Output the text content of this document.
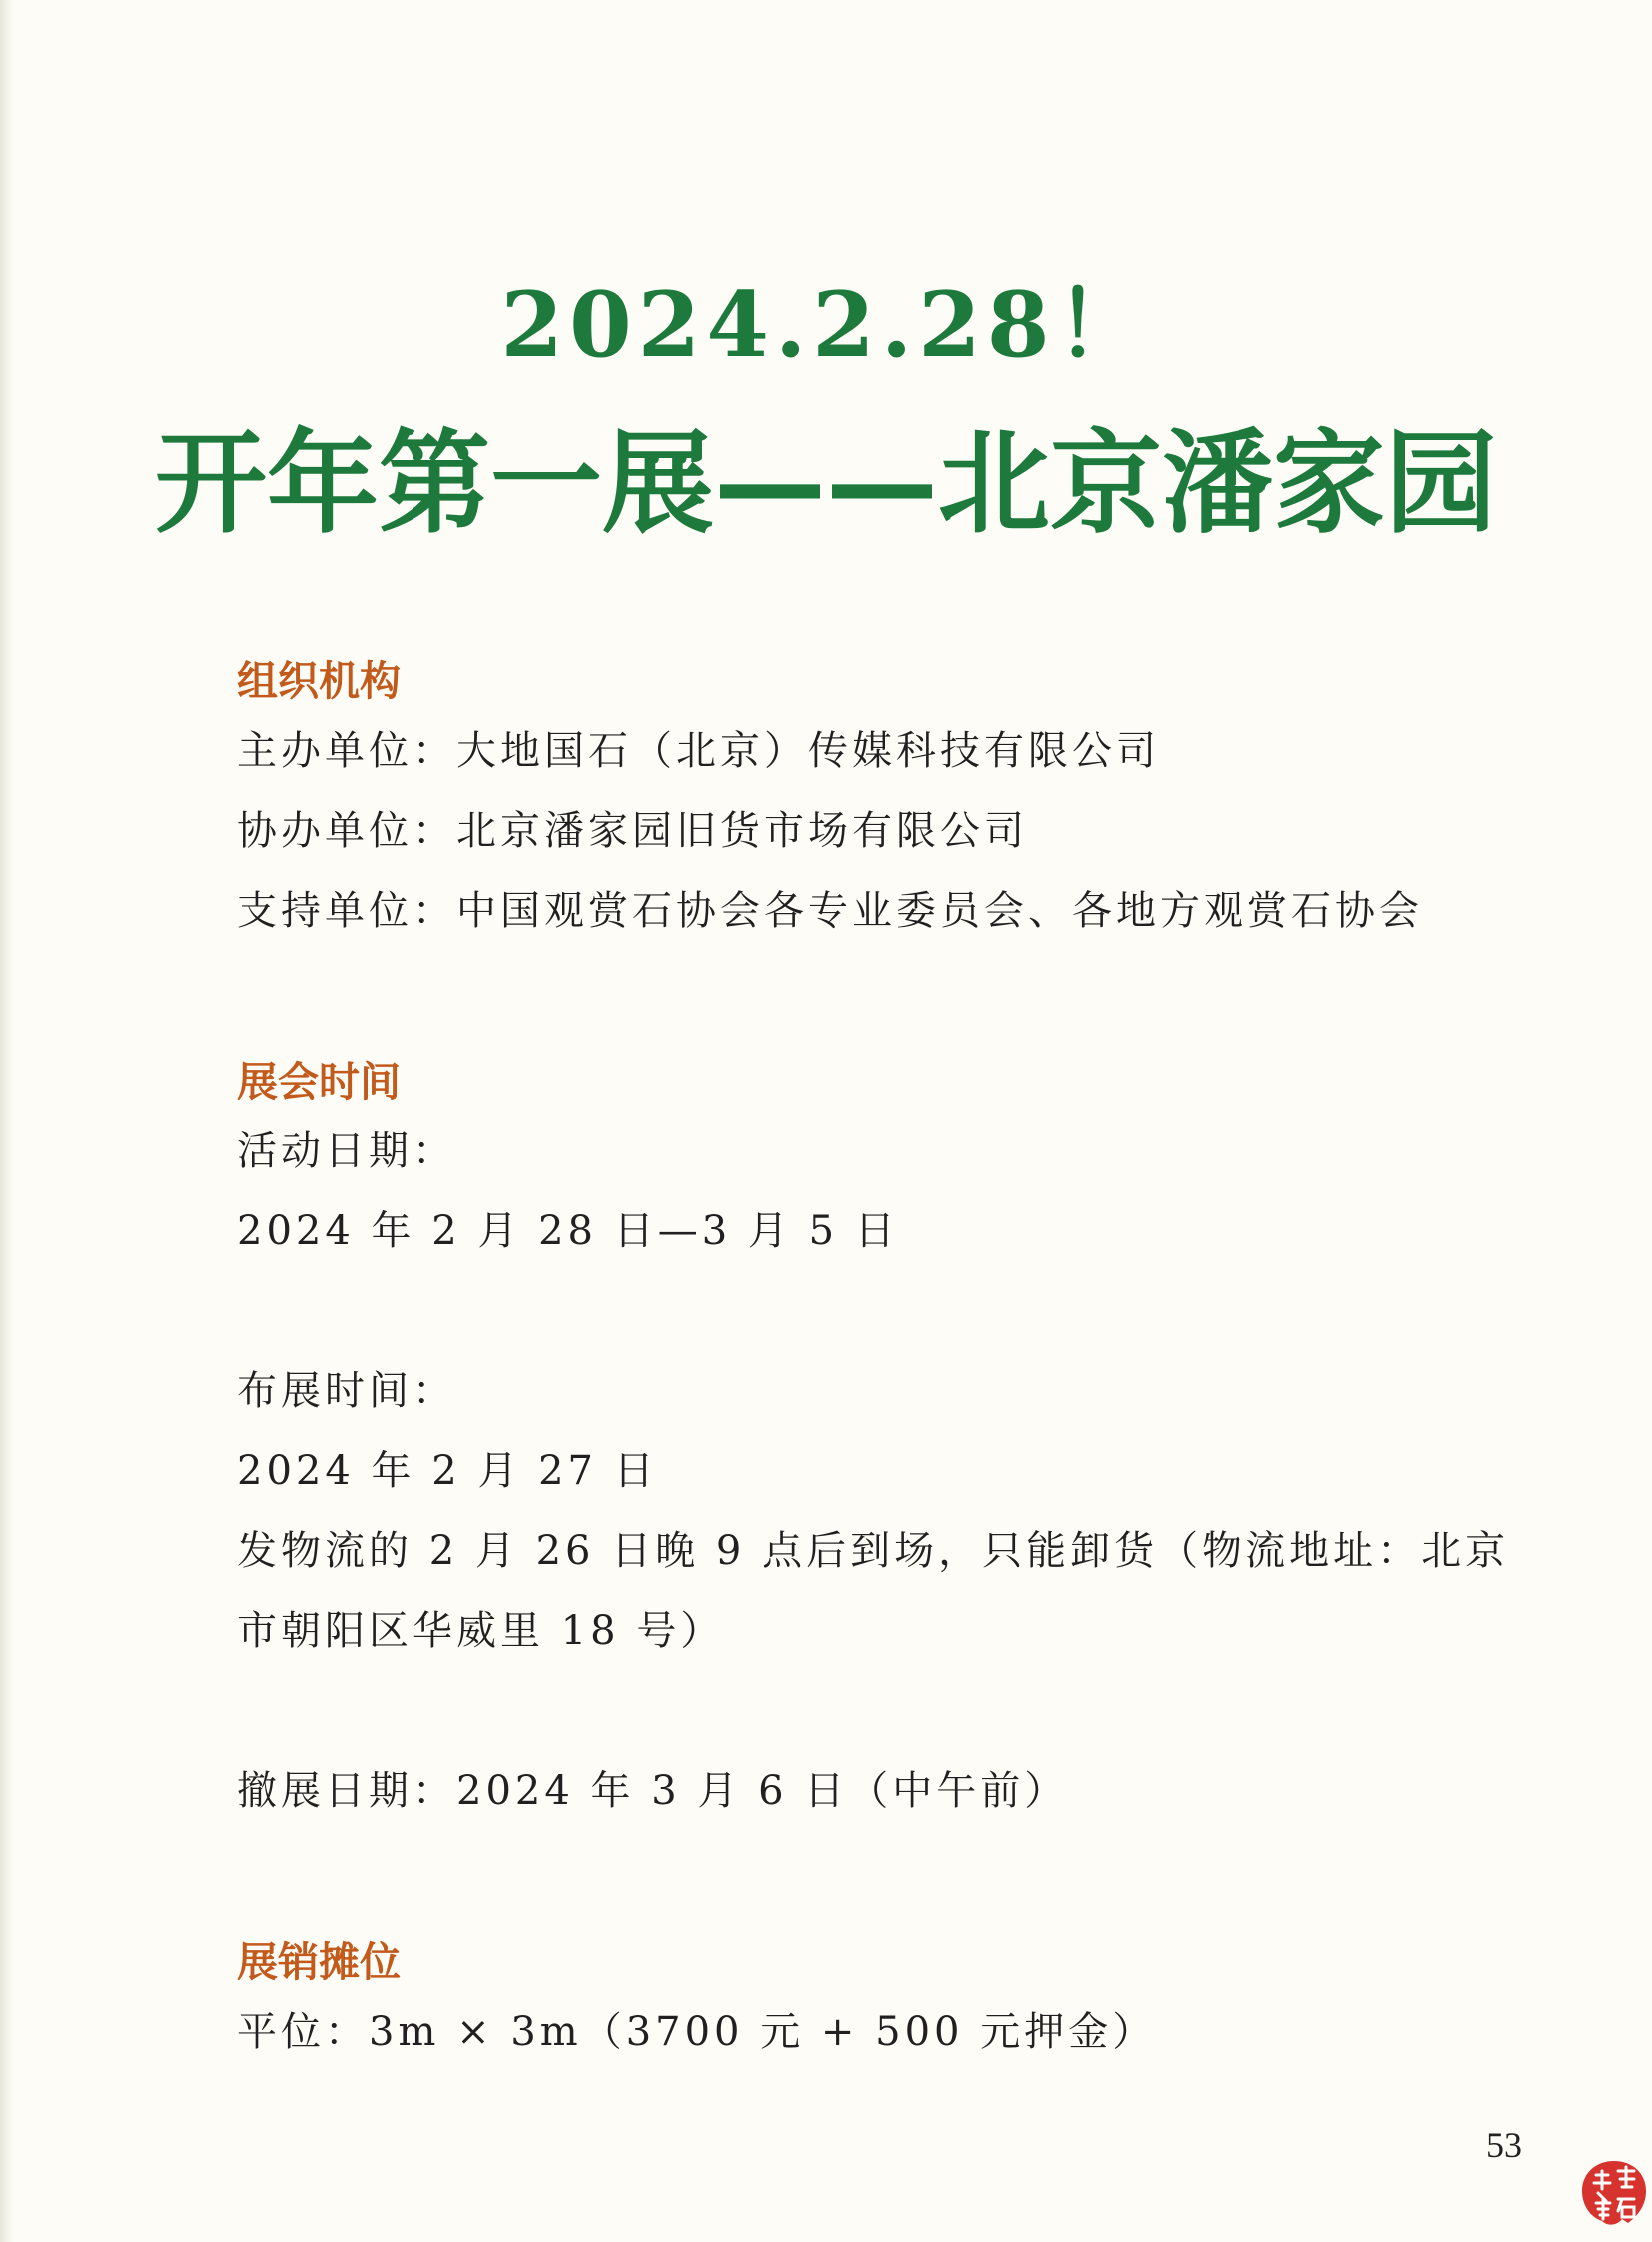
2024.2.28！
开年第一展——北京潘家园
组织机构

主办单位：大地国石（北京）传媒科技有限公司

协办单位：北京潘家园旧货市场有限公司

支持单位：中国观赏石协会各专业委员会、各地方观赏石协会

展会时间

活动日期：

2024 年 2 月 28 日—3 月 5 日

布展时间：

2024 年 2 月 27 日

发物流的 2 月 26 日晚 9 点后到场，只能卸货（物流地址：北京

市朝阳区华威里 18 号）

撤展日期：2024 年 3 月 6 日（中午前）

展销摊位

平位：3m × 3m（3700 元 + 500 元押金）

53
